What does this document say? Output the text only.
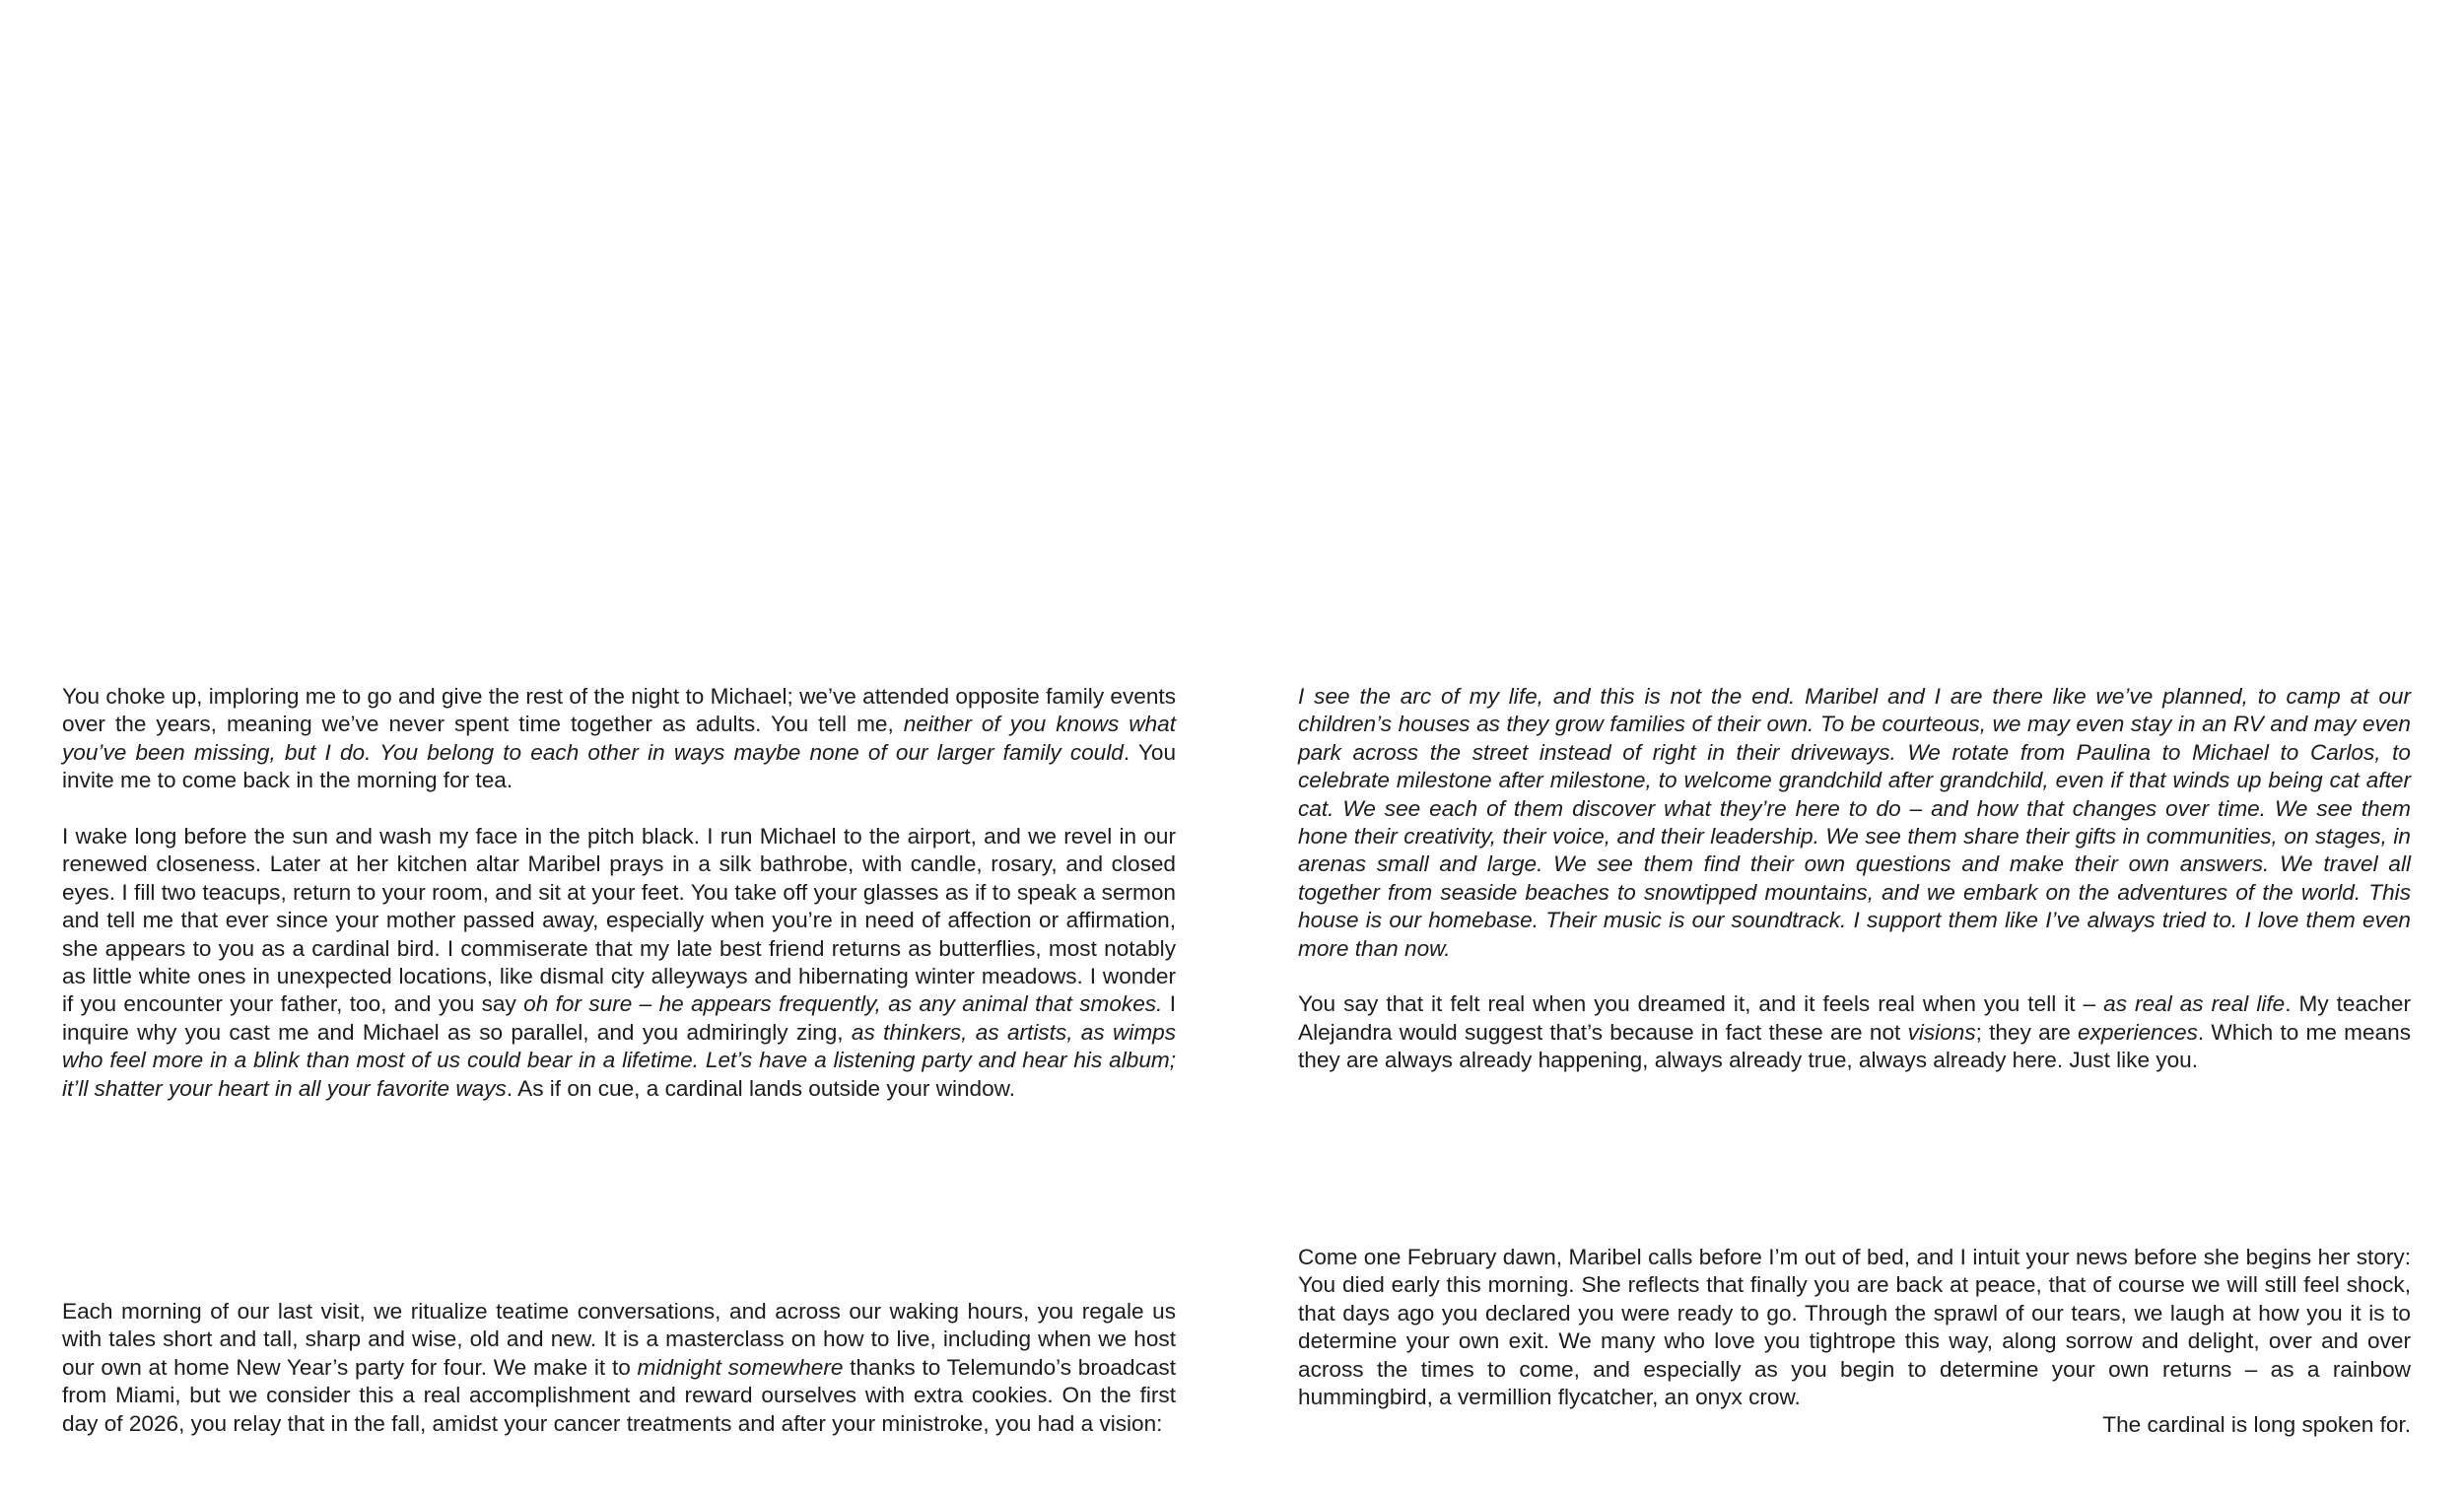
You choke up, imploring me to go and give the rest of the night to Michael; we’ve attended opposite family events over the years, meaning we’ve never spent time together as adults. You tell me, neither of you knows what you’ve been missing, but I do. You belong to each other in ways maybe none of our larger family could. You invite me to come back in the morning for tea.

I wake long before the sun and wash my face in the pitch black. I run Michael to the airport, and we revel in our renewed closeness. Later at her kitchen altar Maribel prays in a silk bathrobe, with candle, rosary, and closed eyes. I fill two teacups, return to your room, and sit at your feet. You take off your glasses as if to speak a sermon and tell me that ever since your mother passed away, especially when you’re in need of affection or affirmation, she appears to you as a cardinal bird. I commiserate that my late best friend returns as butterflies, most notably as little white ones in unexpected locations, like dismal city alleyways and hibernating winter meadows. I wonder if you encounter your father, too, and you say oh for sure – he appears frequently, as any animal that smokes. I inquire why you cast me and Michael as so parallel, and you admiringly zing, as thinkers, as artists, as wimps who feel more in a blink than most of us could bear in a lifetime. Let’s have a listening party and hear his album; it’ll shatter your heart in all your favorite ways. As if on cue, a cardinal lands outside your window.

Each morning of our last visit, we ritualize teatime conversations, and across our waking hours, you regale us with tales short and tall, sharp and wise, old and new. It is a masterclass on how to live, including when we host our own at home New Year’s party for four. We make it to midnight somewhere thanks to Telemundo’s broadcast from Miami, but we consider this a real accomplishment and reward ourselves with extra cookies. On the first day of 2026, you relay that in the fall, amidst your cancer treatments and after your ministroke, you had a vision:

I see the arc of my life, and this is not the end. Maribel and I are there like we’ve planned, to camp at our children’s houses as they grow families of their own. To be courteous, we may even stay in an RV and may even park across the street instead of right in their driveways. We rotate from Paulina to Michael to Carlos, to celebrate milestone after milestone, to welcome grandchild after grandchild, even if that winds up being cat after cat. We see each of them discover what they’re here to do – and how that changes over time. We see them hone their creativity, their voice, and their leadership. We see them share their gifts in communities, on stages, in arenas small and large. We see them find their own questions and make their own answers. We travel all together from seaside beaches to snowtipped mountains, and we embark on the adventures of the world. This house is our homebase. Their music is our soundtrack. I support them like I’ve always tried to. I love them even more than now.

You say that it felt real when you dreamed it, and it feels real when you tell it – as real as real life. My teacher Alejandra would suggest that’s because in fact these are not visions; they are experiences. Which to me means they are always already happening, always already true, always already here. Just like you.

Come one February dawn, Maribel calls before I’m out of bed, and I intuit your news before she begins her story: You died early this morning. She reflects that finally you are back at peace, that of course we will still feel shock, that days ago you declared you were ready to go. Through the sprawl of our tears, we laugh at how you it is to determine your own exit. We many who love you tightrope this way, along sorrow and delight, over and over across the times to come, and especially as you begin to determine your own returns – as a rainbow hummingbird, a vermillion flycatcher, an onyx crow.

The cardinal is long spoken for.
